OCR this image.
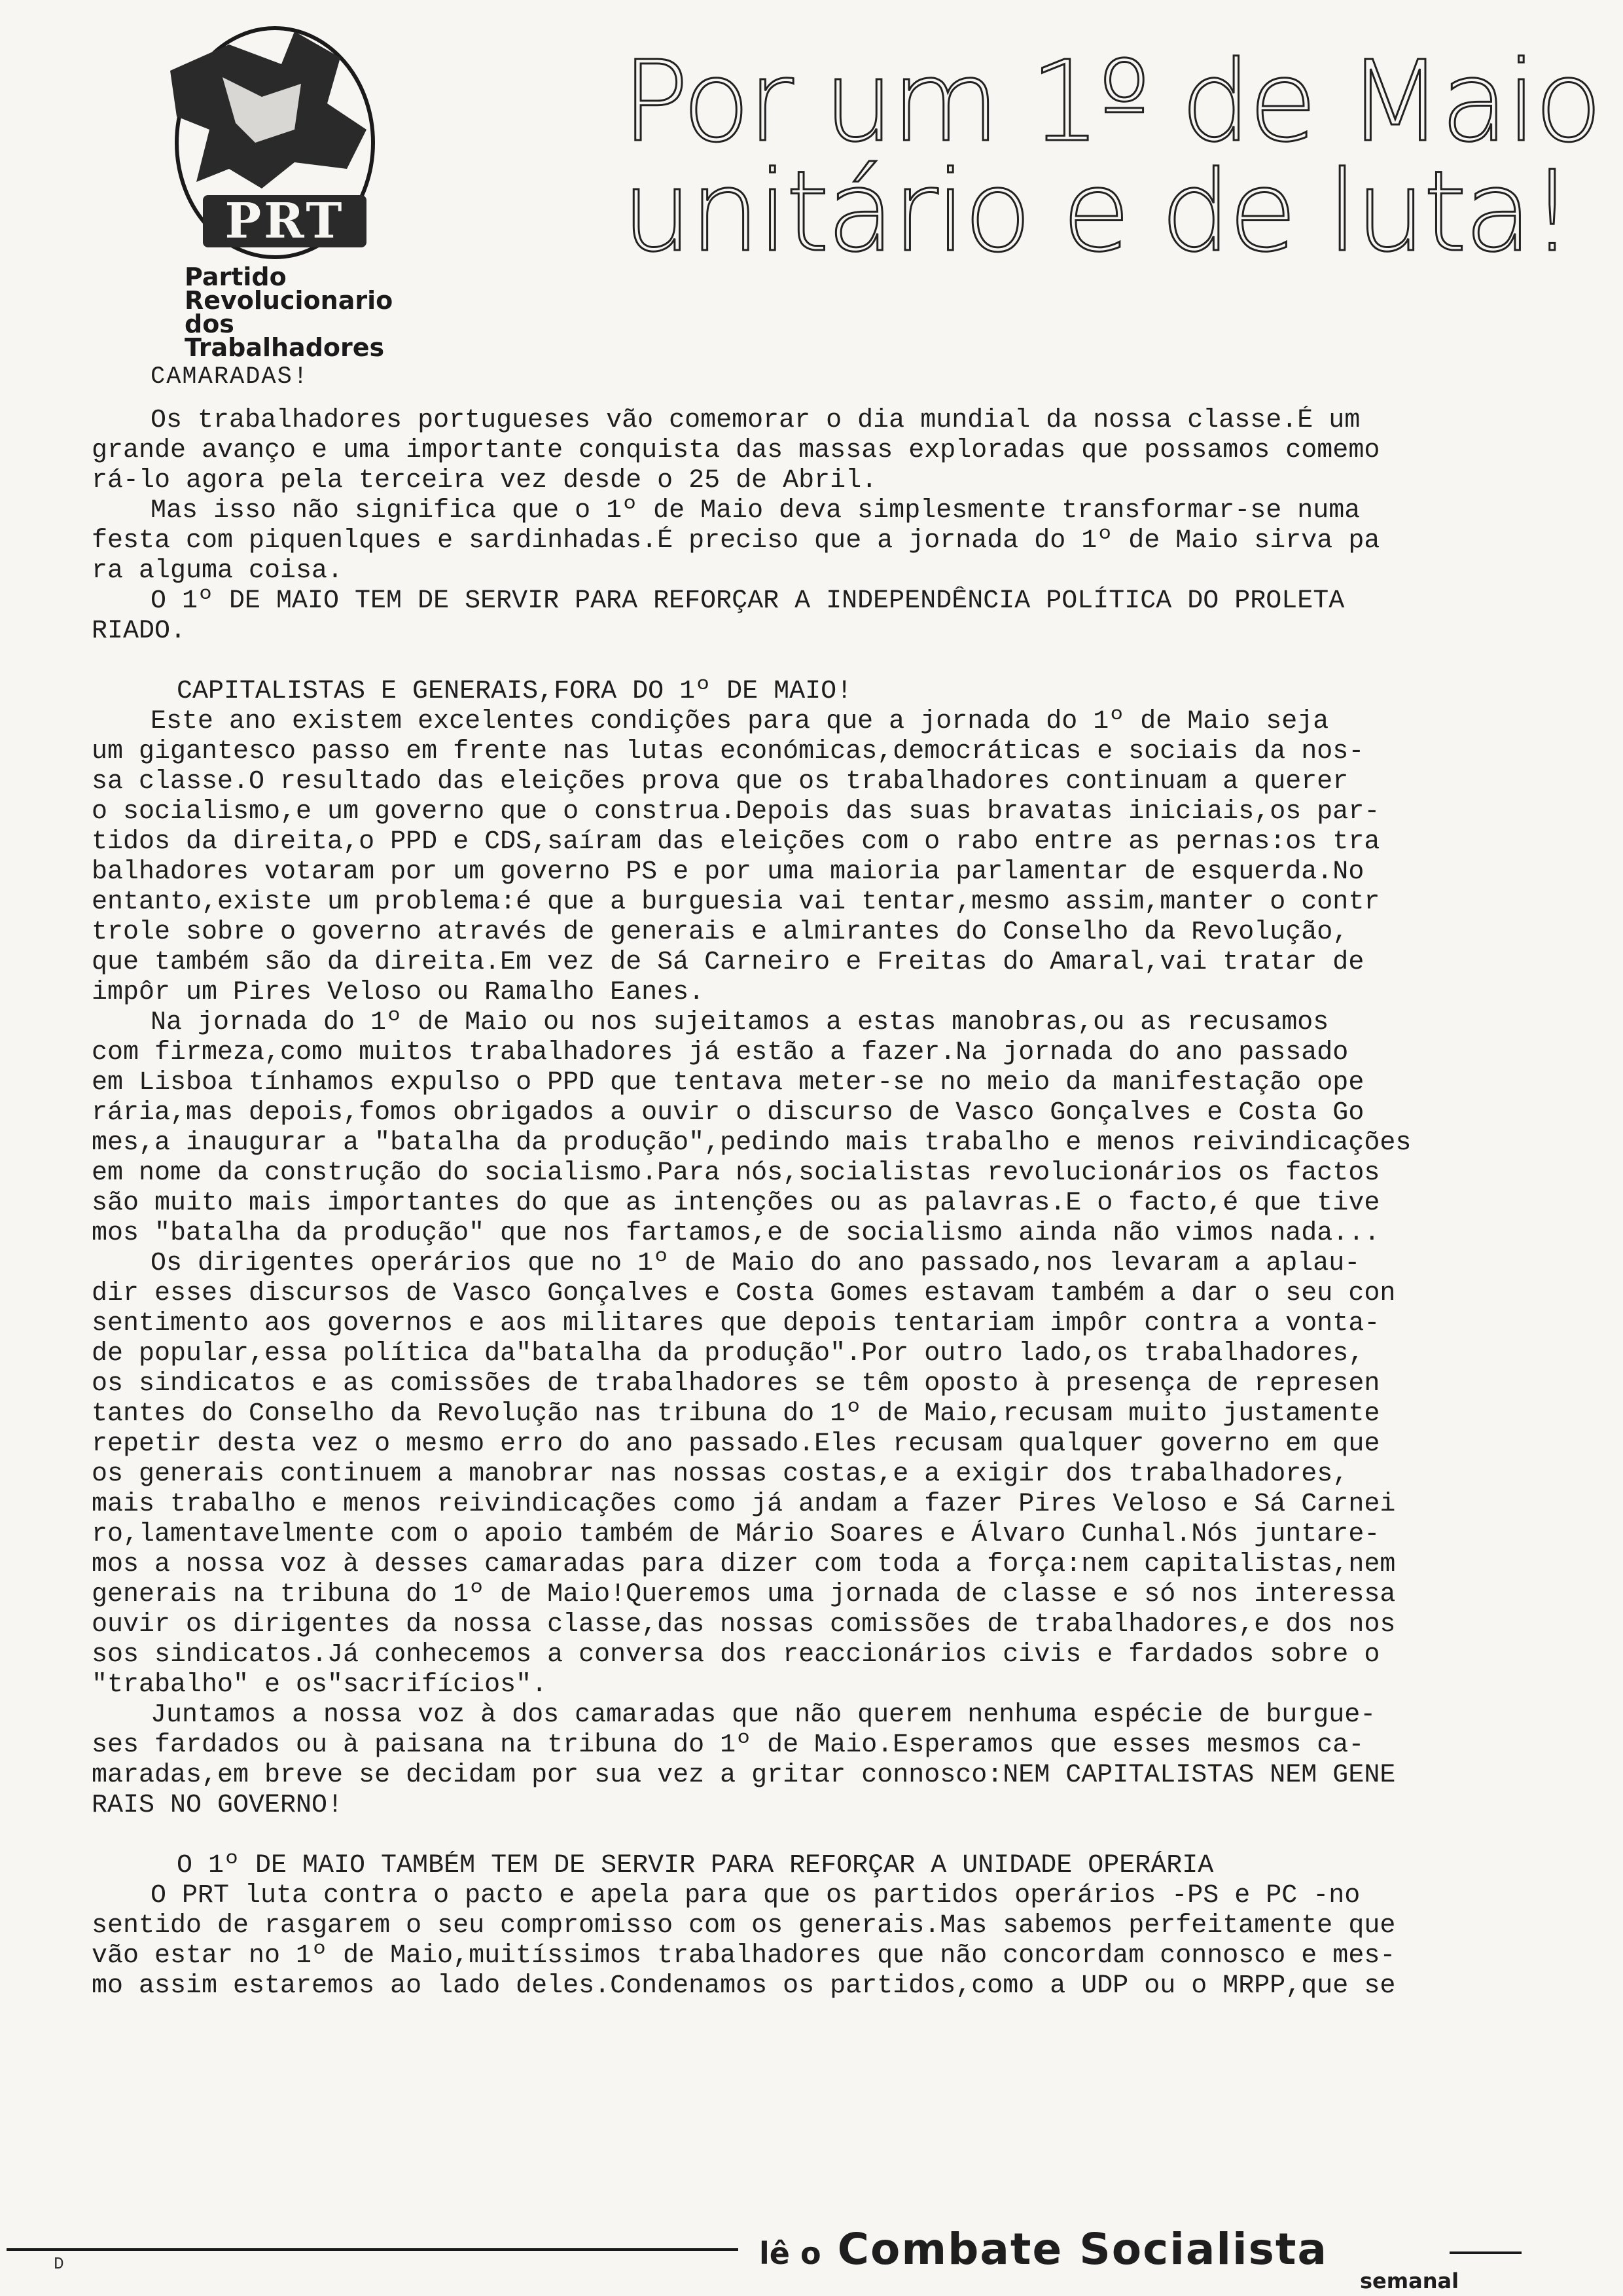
PRT
Partido
Revolucionario
dos
Trabalhadores
Por um 1º de Maio
unitário e de luta!
CAMARADAS!
Os trabalhadores portugueses vão comemorar o dia mundial da nossa classe.É um
grande avanço e uma importante conquista das massas exploradas que possamos comemo
rá-lo agora pela terceira vez desde o 25 de Abril.
Mas isso não significa que o 1º de Maio deva simplesmente transformar-se numa
festa com piquenlques e sardinhadas.É preciso que a jornada do 1º de Maio sirva pa
ra alguma coisa.
O 1º DE MAIO TEM DE SERVIR PARA REFORÇAR A INDEPENDÊNCIA POLÍTICA DO PROLETA
RIADO.
CAPITALISTAS E GENERAIS,FORA DO 1º DE MAIO!
Este ano existem excelentes condições para que a jornada do 1º de Maio seja
um gigantesco passo em frente nas lutas económicas,democráticas e sociais da nos-
sa classe.O resultado das eleições prova que os trabalhadores continuam a querer
o socialismo,e um governo que o construa.Depois das suas bravatas iniciais,os par-
tidos da direita,o PPD e CDS,saíram das eleições com o rabo entre as pernas:os tra
balhadores votaram por um governo PS e por uma maioria parlamentar de esquerda.No
entanto,existe um problema:é que a burguesia vai tentar,mesmo assim,manter o contr
trole sobre o governo através de generais e almirantes do Conselho da Revolução,
que também são da direita.Em vez de Sá Carneiro e Freitas do Amaral,vai tratar de
impôr um Pires Veloso ou Ramalho Eanes.
Na jornada do 1º de Maio ou nos sujeitamos a estas manobras,ou as recusamos
com firmeza,como muitos trabalhadores já estão a fazer.Na jornada do ano passado
em Lisboa tínhamos expulso o PPD que tentava meter-se no meio da manifestação ope
rária,mas depois,fomos obrigados a ouvir o discurso de Vasco Gonçalves e Costa Go
mes,a inaugurar a "batalha da produção",pedindo mais trabalho e menos reivindicações
em nome da construção do socialismo.Para nós,socialistas revolucionários os factos
são muito mais importantes do que as intenções ou as palavras.E o facto,é que tive
mos "batalha da produção" que nos fartamos,e de socialismo ainda não vimos nada...
Os dirigentes operários que no 1º de Maio do ano passado,nos levaram a aplau-
dir esses discursos de Vasco Gonçalves e Costa Gomes estavam também a dar o seu con
sentimento aos governos e aos militares que depois tentariam impôr contra a vonta-
de popular,essa política da"batalha da produção".Por outro lado,os trabalhadores,
os sindicatos e as comissões de trabalhadores se têm oposto à presença de represen
tantes do Conselho da Revolução nas tribuna do 1º de Maio,recusam muito justamente
repetir desta vez o mesmo erro do ano passado.Eles recusam qualquer governo em que
os generais continuem a manobrar nas nossas costas,e a exigir dos trabalhadores,
mais trabalho e menos reivindicações como já andam a fazer Pires Veloso e Sá Carnei
ro,lamentavelmente com o apoio também de Mário Soares e Álvaro Cunhal.Nós juntare-
mos a nossa voz à desses camaradas para dizer com toda a força:nem capitalistas,nem
generais na tribuna do 1º de Maio!Queremos uma jornada de classe e só nos interessa
ouvir os dirigentes da nossa classe,das nossas comissões de trabalhadores,e dos nos
sos sindicatos.Já conhecemos a conversa dos reaccionários civis e fardados sobre o
"trabalho" e os"sacrifícios".
Juntamos a nossa voz à dos camaradas que não querem nenhuma espécie de burgue-
ses fardados ou à paisana na tribuna do 1º de Maio.Esperamos que esses mesmos ca-
maradas,em breve se decidam por sua vez a gritar connosco:NEM CAPITALISTAS NEM GENE
RAIS NO GOVERNO!
O 1º DE MAIO TAMBÉM TEM DE SERVIR PARA REFORÇAR A UNIDADE OPERÁRIA
O PRT luta contra o pacto e apela para que os partidos operários -PS e PC -no
sentido de rasgarem o seu compromisso com os generais.Mas sabemos perfeitamente que
vão estar no 1º de Maio,muitíssimos trabalhadores que não concordam connosco e mes-
mo assim estaremos ao lado deles.Condenamos os partidos,como a UDP ou o MRPP,que se
D	lê o Combate Socialista
semanal
